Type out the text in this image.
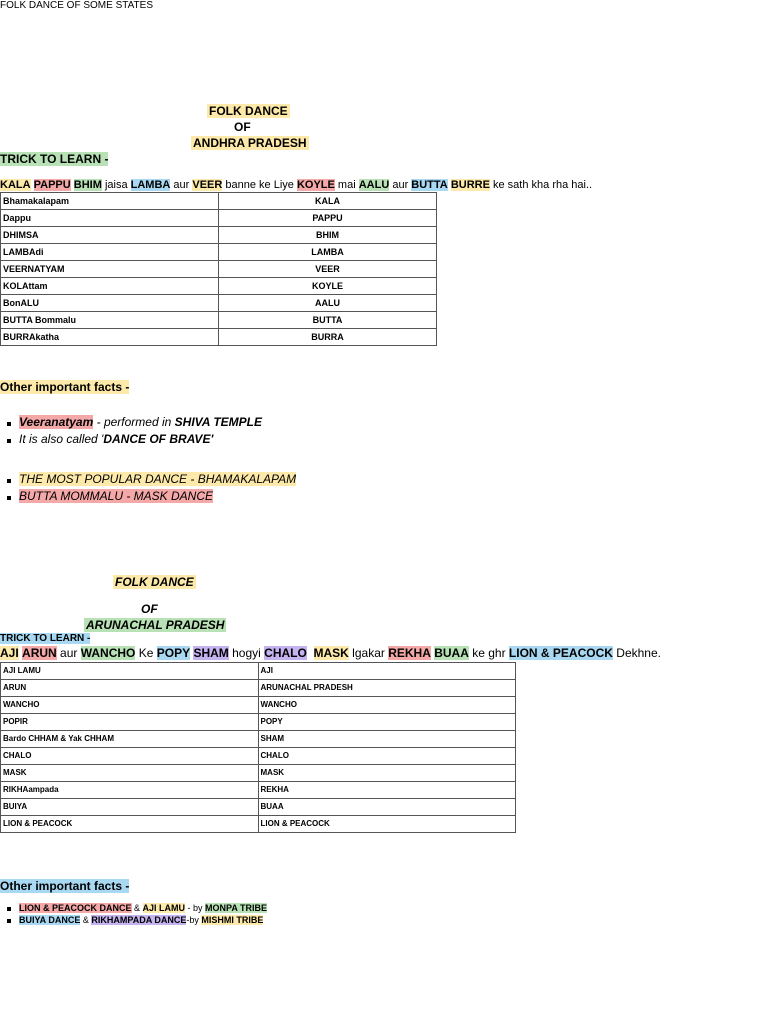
FOLK DANCE OF SOME STATES
FOLK DANCE
OF
ANDHRA PRADESH
TRICK TO LEARN -
KALA PAPPU BHIM jaisa LAMBA aur VEER banne ke Liye KOYLE mai AALU aur BUTTA BURRE ke sath kha rha hai..
Bhamakalapam	KALA
Dappu	PAPPU
DHIMSA	BHIM
LAMBAdi	LAMBA
VEERNATYAM	VEER
KOLAttam	KOYLE
BonALU	AALU
BUTTA Bommalu	BUTTA
BURRAkatha	BURRA
Other important facts -
Veeranatyam - performed in SHIVA TEMPLE
It is also called 'DANCE OF BRAVE'
THE MOST POPULAR DANCE - BHAMAKALAPAM
BUTTA MOMMALU - MASK DANCE
FOLK DANCE
OF
ARUNACHAL PRADESH
TRICK TO LEARN -
AJI ARUN aur WANCHO Ke POPY SHAM hogyi CHALO MASK lgakar REKHA BUAA ke ghr LION & PEACOCK Dekhne.
AJI LAMU	AJI
ARUN	ARUNACHAL PRADESH
WANCHO	WANCHO
POPIR	POPY
Bardo CHHAM & Yak CHHAM	SHAM
CHALO	CHALO
MASK	MASK
RIKHAampada	REKHA
BUIYA	BUAA
LION & PEACOCK	LION & PEACOCK
Other important facts -
LION & PEACOCK DANCE & AJI LAMU - by MONPA TRIBE
BUIYA DANCE & RIKHAMPADA DANCE-by MISHMI TRIBE
